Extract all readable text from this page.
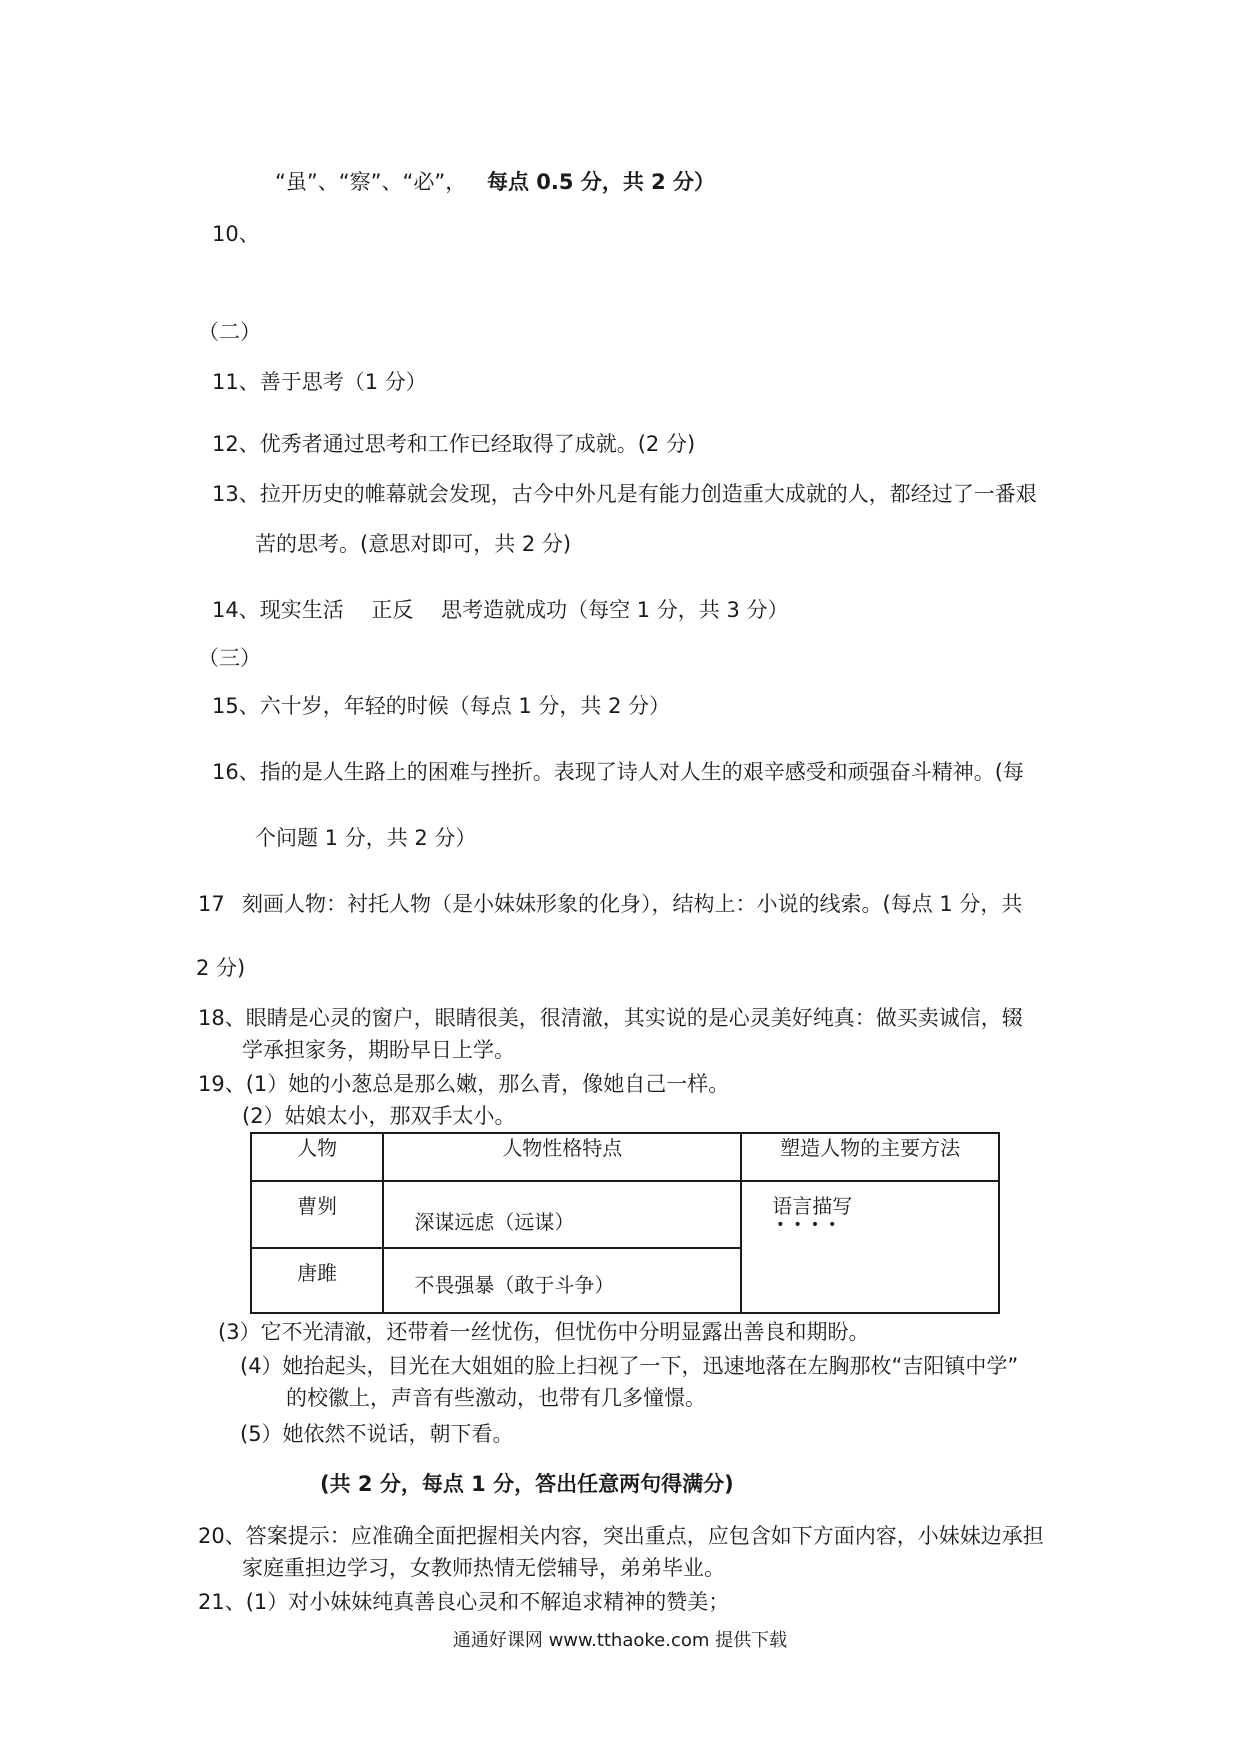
“虽”、“察”、“必”， 每点 0.5 分，共 2 分）
10、
（二）
11、善于思考（1 分）
12、优秀者通过思考和工作已经取得了成就。(2 分)
13、拉开历史的帷幕就会发现，古今中外凡是有能力创造重大成就的人，都经过了一番艰
苦的思考。(意思对即可，共 2 分)
14、现实生活　 正反　 思考造就成功（每空 1 分，共 3 分）
（三）
15、六十岁，年轻的时候（每点 1 分，共 2 分）
16、指的是人生路上的困难与挫折。表现了诗人对人生的艰辛感受和顽强奋斗精神。(每
个问题 1 分，共 2 分）
17 刻画人物：衬托人物（是小妹妹形象的化身），结构上：小说的线索。(每点 1 分，共
2 分)
18、眼睛是心灵的窗户，眼睛很美，很清澈，其实说的是心灵美好纯真：做买卖诚信，辍
学承担家务，期盼早日上学。
19、(1）她的小葱总是那么嫩，那么青，像她自己一样。
(2）姑娘太小，那双手太小。
人物	人物性格特点	塑造人物的主要方法
曹刿	深谋远虑（远谋）	语言描写
••••

唐雎	不畏强暴（敢于斗争）	
(3）它不光清澈，还带着一丝忧伤，但忧伤中分明显露出善良和期盼。
(4）她抬起头，目光在大姐姐的脸上扫视了一下，迅速地落在左胸那枚“吉阳镇中学”
的校徽上，声音有些激动，也带有几多憧憬。
(5）她依然不说话，朝下看。
(共 2 分，每点 1 分，答出任意两句得满分)
20、答案提示：应准确全面把握相关内容，突出重点，应包含如下方面内容，小妹妹边承担
家庭重担边学习，女教师热情无偿辅导，弟弟毕业。
21、(1）对小妹妹纯真善良心灵和不解追求精神的赞美；
通通好课网 www.tthaoke.com 提供下载
